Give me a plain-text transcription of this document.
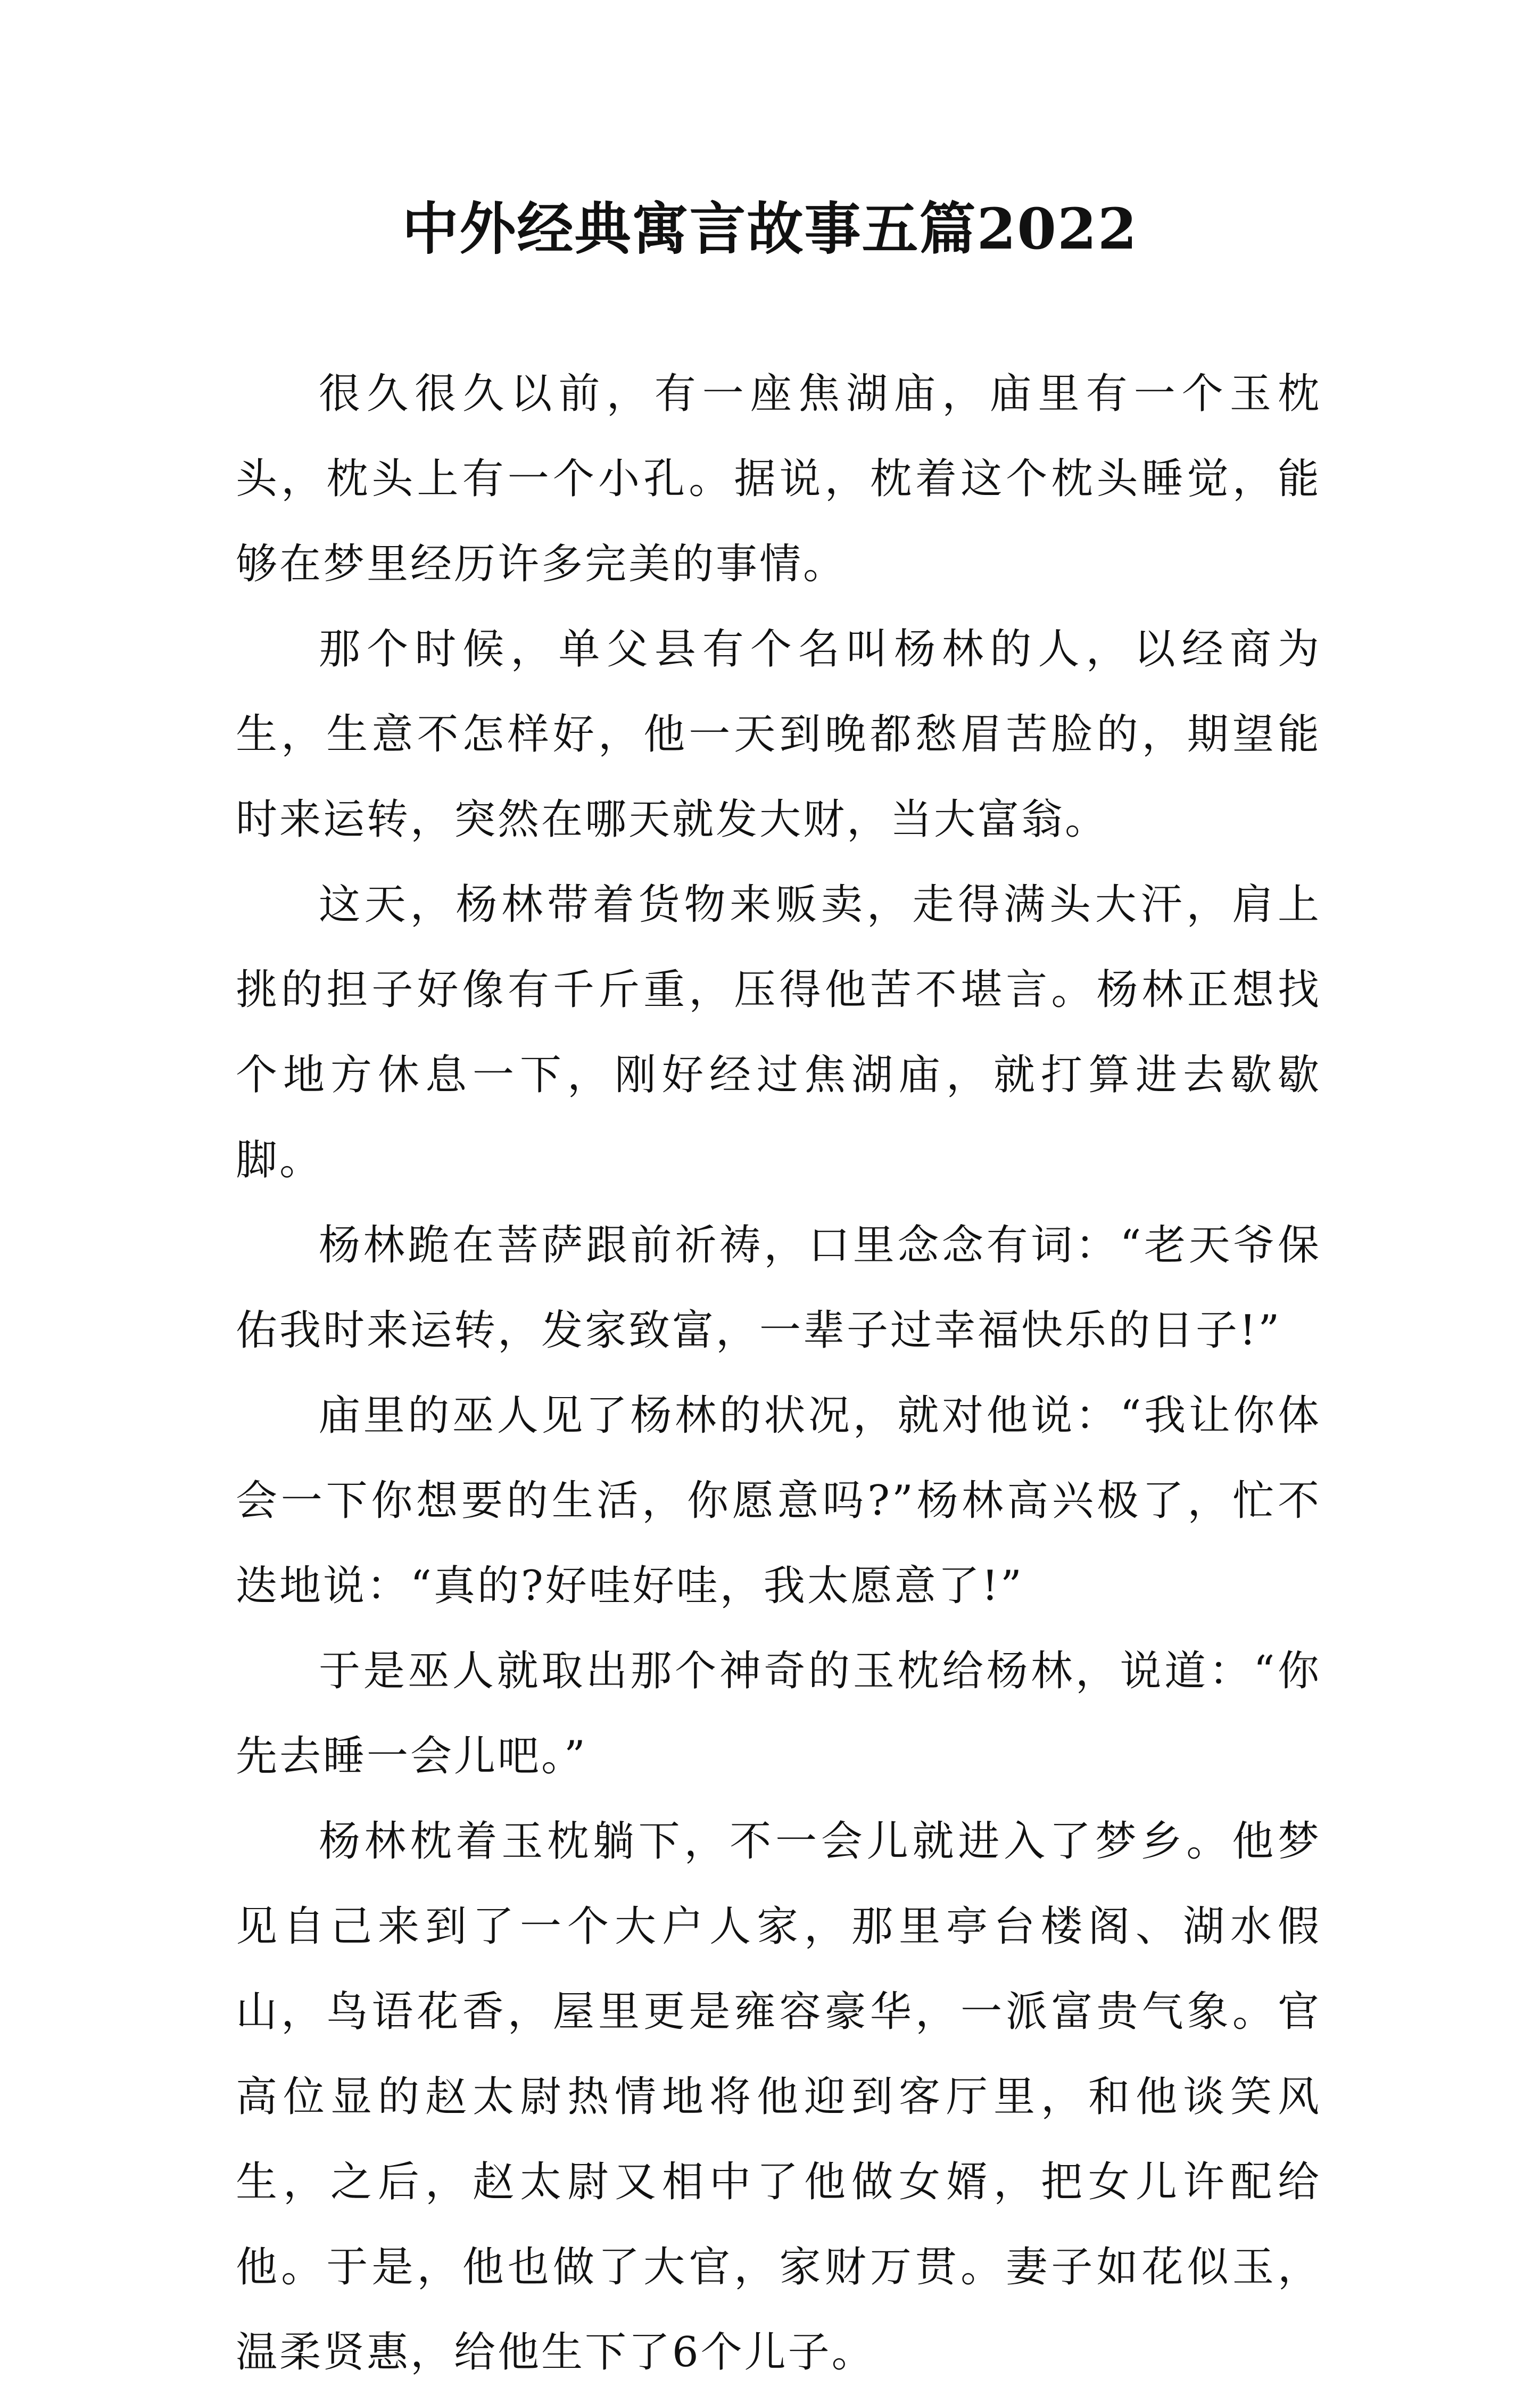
中外经典寓言故事五篇2022

很久很久以前，有一座焦湖庙，庙里有一个玉枕头，枕头上有一个小孔。据说，枕着这个枕头睡觉，能够在梦里经历许多完美的事情。

那个时候，单父县有个名叫杨林的人，以经商为生，生意不怎样好，他一天到晚都愁眉苦脸的，期望能时来运转，突然在哪天就发大财，当大富翁。

这天，杨林带着货物来贩卖，走得满头大汗，肩上挑的担子好像有千斤重，压得他苦不堪言。杨林正想找个地方休息一下，刚好经过焦湖庙，就打算进去歇歇脚。

杨林跪在菩萨跟前祈祷，口里念念有词：“老天爷保佑我时来运转，发家致富，一辈子过幸福快乐的日子!”

庙里的巫人见了杨林的状况，就对他说：“我让你体会一下你想要的生活，你愿意吗?”杨林高兴极了，忙不迭地说：“真的?好哇好哇，我太愿意了!”

于是巫人就取出那个神奇的玉枕给杨林，说道：“你先去睡一会儿吧。”

杨林枕着玉枕躺下，不一会儿就进入了梦乡。他梦见自己来到了一个大户人家，那里亭台楼阁、湖水假山，鸟语花香，屋里更是雍容豪华，一派富贵气象。官高位显的赵太尉热情地将他迎到客厅里，和他谈笑风生，之后，赵太尉又相中了他做女婿，把女儿许配给他。于是，他也做了大官，家财万贯。妻子如花似玉，温柔贤惠，给他生下了6个儿子。
